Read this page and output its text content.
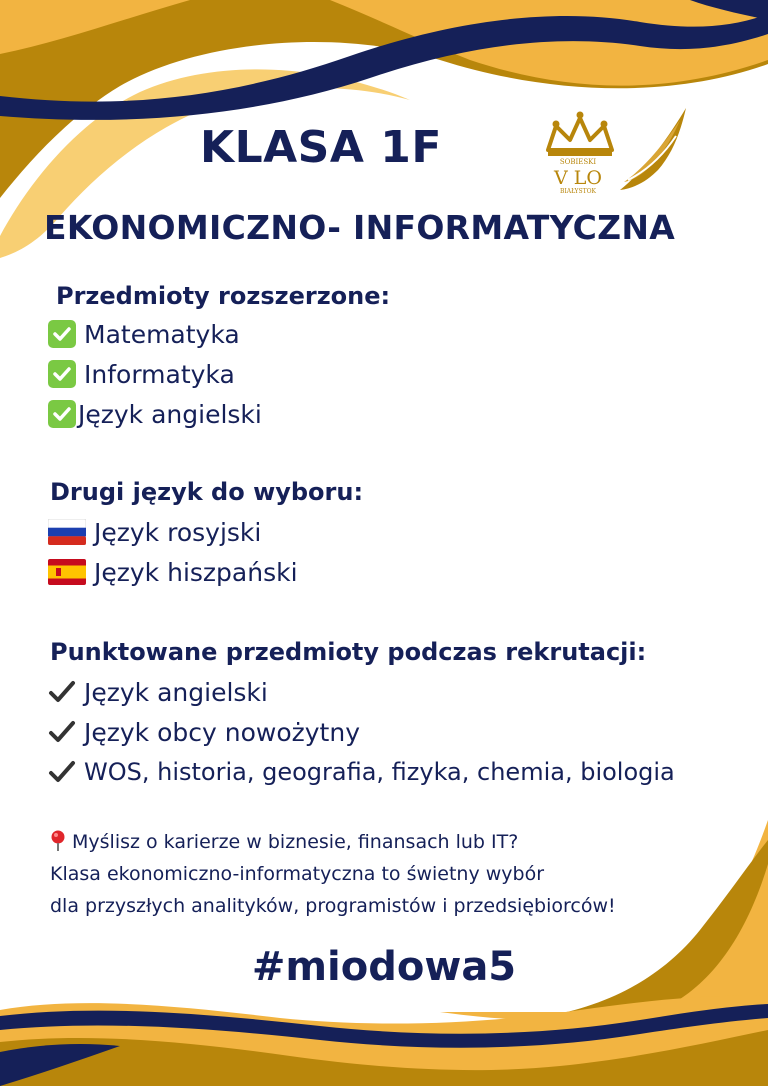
KLASA 1F	SOBIESKI
V LO
BIAŁYSTOK
EKONOMICZNO- INFORMATYCZNA
Przedmioty rozszerzone:
Matematyka
Informatyka
Język angielski
Drugi język do wyboru:
Język rosyjski
Język hiszpański
Punktowane przedmioty podczas rekrutacji:
Język angielski
Język obcy nowożytny
WOS, historia, geografia, fizyka, chemia, biologia
Myślisz o karierze w biznesie, finansach lub IT?
Klasa ekonomiczno-informatyczna to świetny wybór
dla przyszłych analityków, programistów i przedsiębiorców!

#miodowa5
